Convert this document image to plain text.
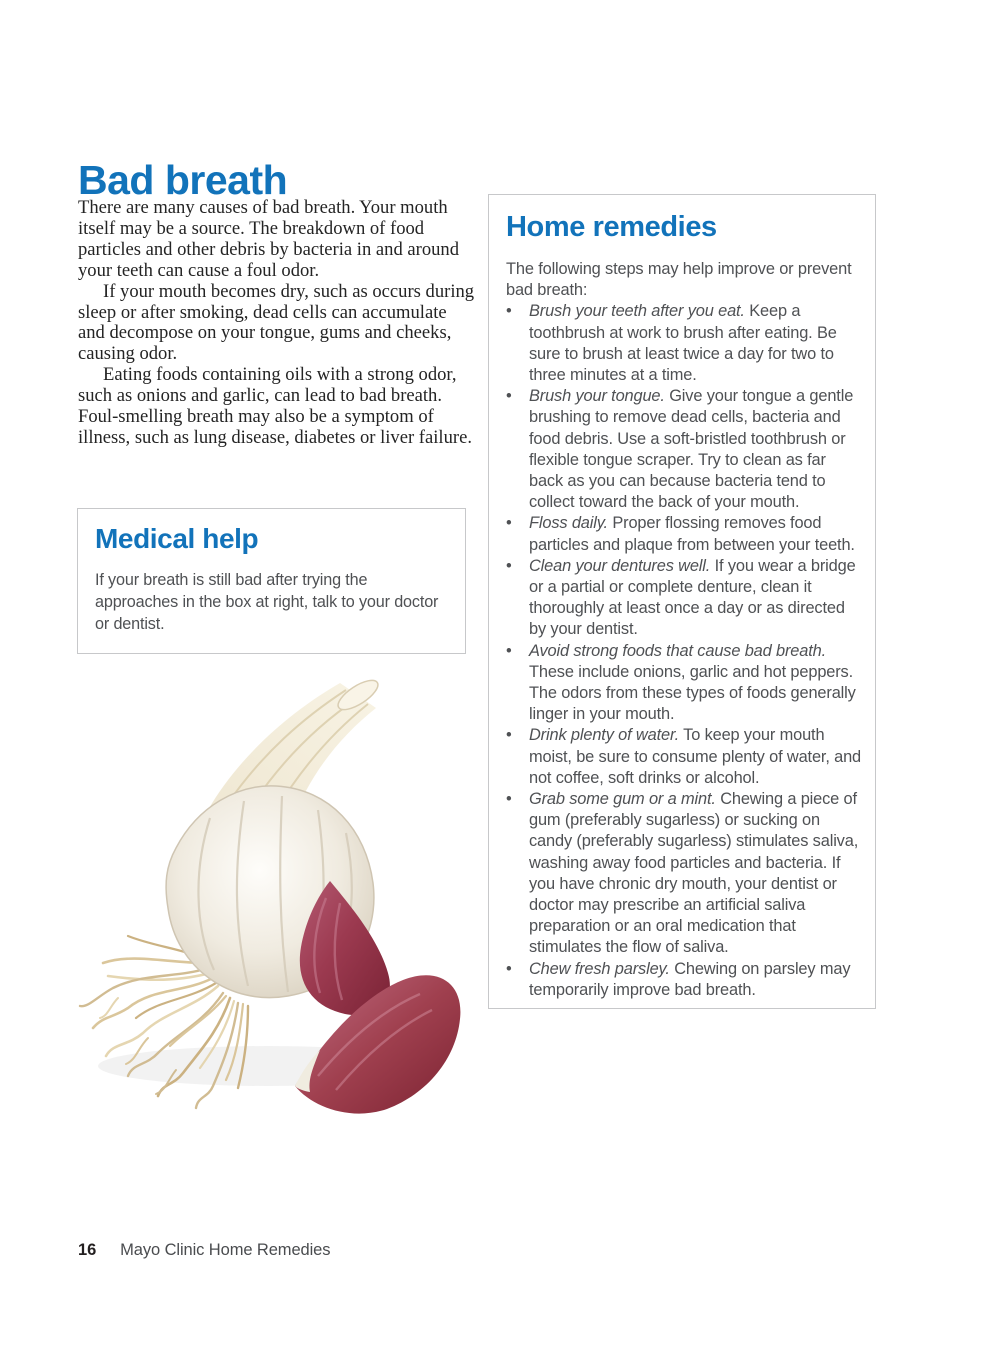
Bad breath

There are many causes of bad breath. Your mouth itself may be a source. The breakdown of food particles and other debris by bacteria in and around your teeth can cause a foul odor.

If your mouth becomes dry, such as occurs during sleep or after smoking, dead cells can accumulate and decompose on your tongue, gums and cheeks, causing odor.

Eating foods containing oils with a strong odor, such as onions and garlic, can lead to bad breath. Foul-smelling breath may also be a symptom of illness, such as lung disease, diabetes or liver failure.

Medical help
If your breath is still bad after trying the approaches in the box at right, talk to your doctor or dentist.
Home remedies
The following steps may help improve or prevent bad breath:
•	Brush your teeth after you eat. Keep a toothbrush at work to brush after eating. Be sure to brush at least twice a day for two to three minutes at a time.
•	Brush your tongue. Give your tongue a gentle brushing to remove dead cells, bacteria and food debris. Use a soft-bristled toothbrush or flexible tongue scraper. Try to clean as far back as you can because bacteria tend to collect toward the back of your mouth.
•	Floss daily. Proper flossing removes food particles and plaque from between your teeth.
•	Clean your dentures well. If you wear a bridge or a partial or complete denture, clean it thoroughly at least once a day or as directed by your dentist.
•	Avoid strong foods that cause bad breath. These include onions, garlic and hot peppers. The odors from these types of foods generally linger in your mouth.
•	Drink plenty of water. To keep your mouth moist, be sure to consume plenty of water, and not coffee, soft drinks or alcohol.
•	Grab some gum or a mint. Chewing a piece of gum (preferably sugarless) or sucking on candy (preferably sugarless) stimulates saliva, washing away food particles and bacteria. If you have chronic dry mouth, your dentist or doctor may prescribe an artificial saliva preparation or an oral medication that stimulates the flow of saliva.
•	Chew fresh parsley. Chewing on parsley may temporarily improve bad breath.
16 Mayo Clinic Home Remedies
